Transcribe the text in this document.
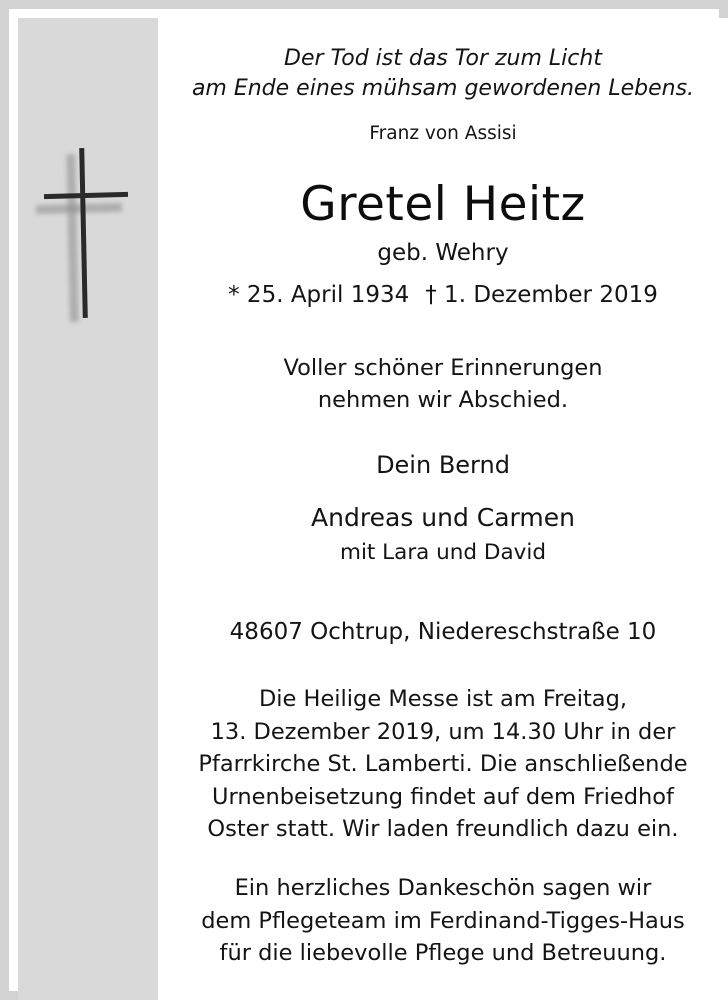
Der Tod ist das Tor zum Licht
am Ende eines mühsam gewordenen Lebens.
Franz von Assisi
Gretel Heitz
geb. Wehry
* 25. April 1934 † 1. Dezember 2019
Voller schöner Erinnerungen
nehmen wir Abschied.
Dein Bernd
Andreas und Carmen
mit Lara und David
48607 Ochtrup, Niedereschstraße 10
Die Heilige Messe ist am Freitag,
13. Dezember 2019, um 14.30 Uhr in der
Pfarrkirche St. Lamberti. Die anschließende
Urnenbeisetzung findet auf dem Friedhof
Oster statt. Wir laden freundlich dazu ein.
Ein herzliches Dankeschön sagen wir
dem Pflegeteam im Ferdinand-Tigges-Haus
für die liebevolle Pflege und Betreuung.
